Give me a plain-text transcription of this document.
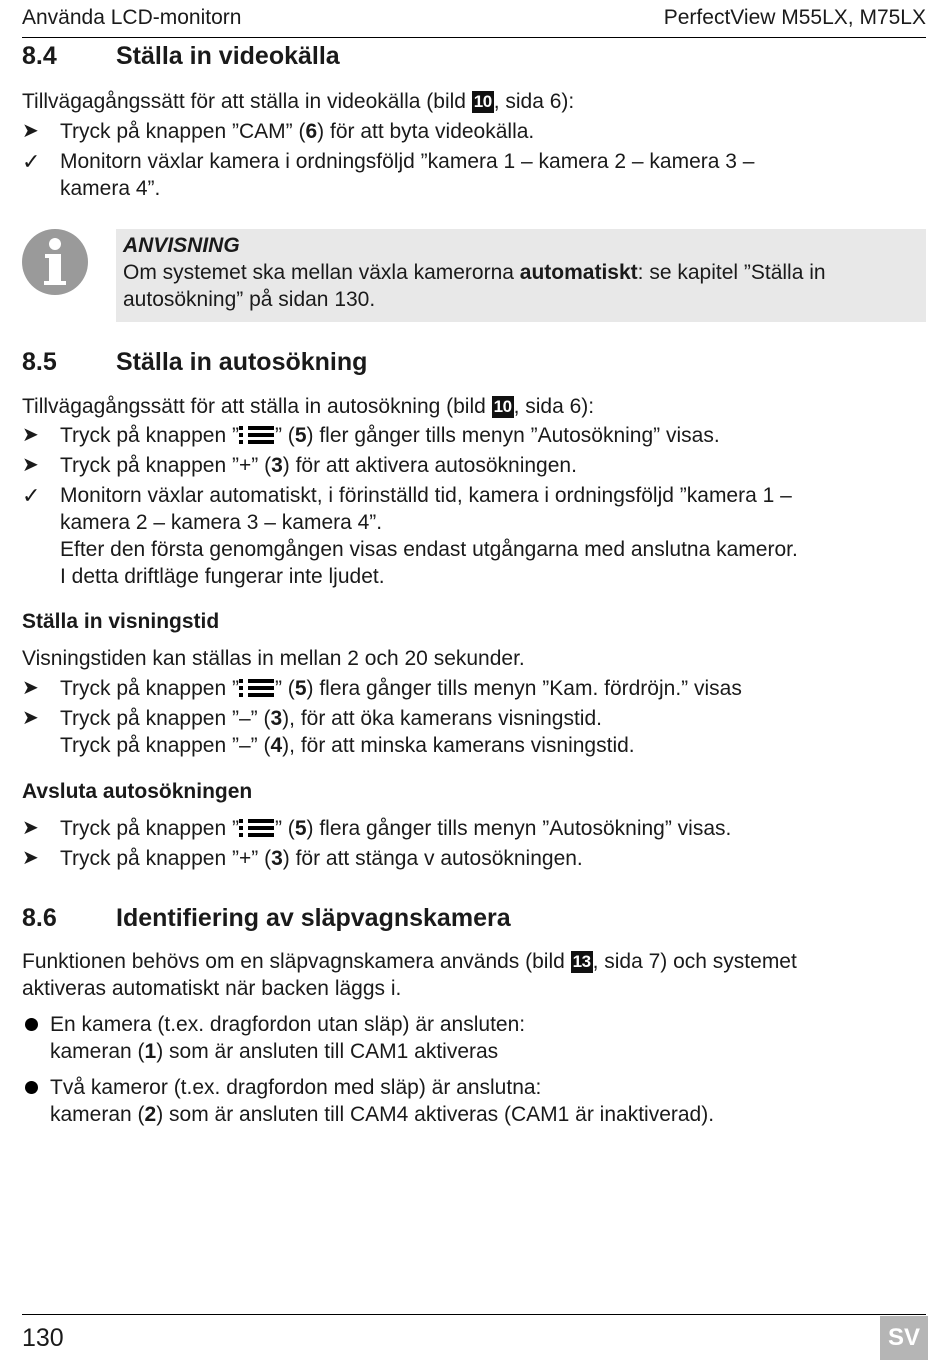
Använda LCD-monitorn	PerfectView M55LX, M75LX
8.4 Ställa in videokälla
Tillvägagångssätt för att ställa in videokälla (bild 10, sida 6):
➤	Tryck på knappen ”CAM” (6) för att byta videokälla.
✓ Monitorn växlar kamera i ordningsföljd ”kamera 1 – kamera 2 – kamera 3 –
kamera 4”.
ANVISNING
Om systemet ska mellan växla kamerorna automatiskt: se kapitel ”Ställa in
autosökning” på sidan 130.
8.5 Ställa in autosökning
Tillvägagångssätt för att ställa in autosökning (bild 10, sida 6):
➤	Tryck på knappen ” ” (5) fler gånger tills menyn ”Autosökning” visas.
➤	Tryck på knappen ”+” (3) för att aktivera autosökningen.
✓ Monitorn växlar automatiskt, i förinställd tid, kamera i ordningsföljd ”kamera 1 –
kamera 2 – kamera 3 – kamera 4”.
Efter den första genomgången visas endast utgångarna med anslutna kameror.
I detta driftläge fungerar inte ljudet.
Ställa in visningstid
Visningstiden kan ställas in mellan 2 och 20 sekunder.
➤	Tryck på knappen ” ” (5) flera gånger tills menyn ”Kam. fördröjn.” visas
➤	Tryck på knappen ”–” (3), för att öka kamerans visningstid.
Tryck på knappen ”–” (4), för att minska kamerans visningstid.
Avsluta autosökningen
➤	Tryck på knappen ” ” (5) flera gånger tills menyn ”Autosökning” visas.
➤	Tryck på knappen ”+” (3) för att stänga v autosökningen.
8.6 Identifiering av släpvagnskamera
Funktionen behövs om en släpvagnskamera används (bild 13, sida 7) och systemet
aktiveras automatiskt när backen läggs i.
En kamera (t.ex. dragfordon utan släp) är ansluten:
kameran (1) som är ansluten till CAM1 aktiveras
Två kameror (t.ex. dragfordon med släp) är anslutna:
kameran (2) som är ansluten till CAM4 aktiveras (CAM1 är inaktiverad).
130	SV
